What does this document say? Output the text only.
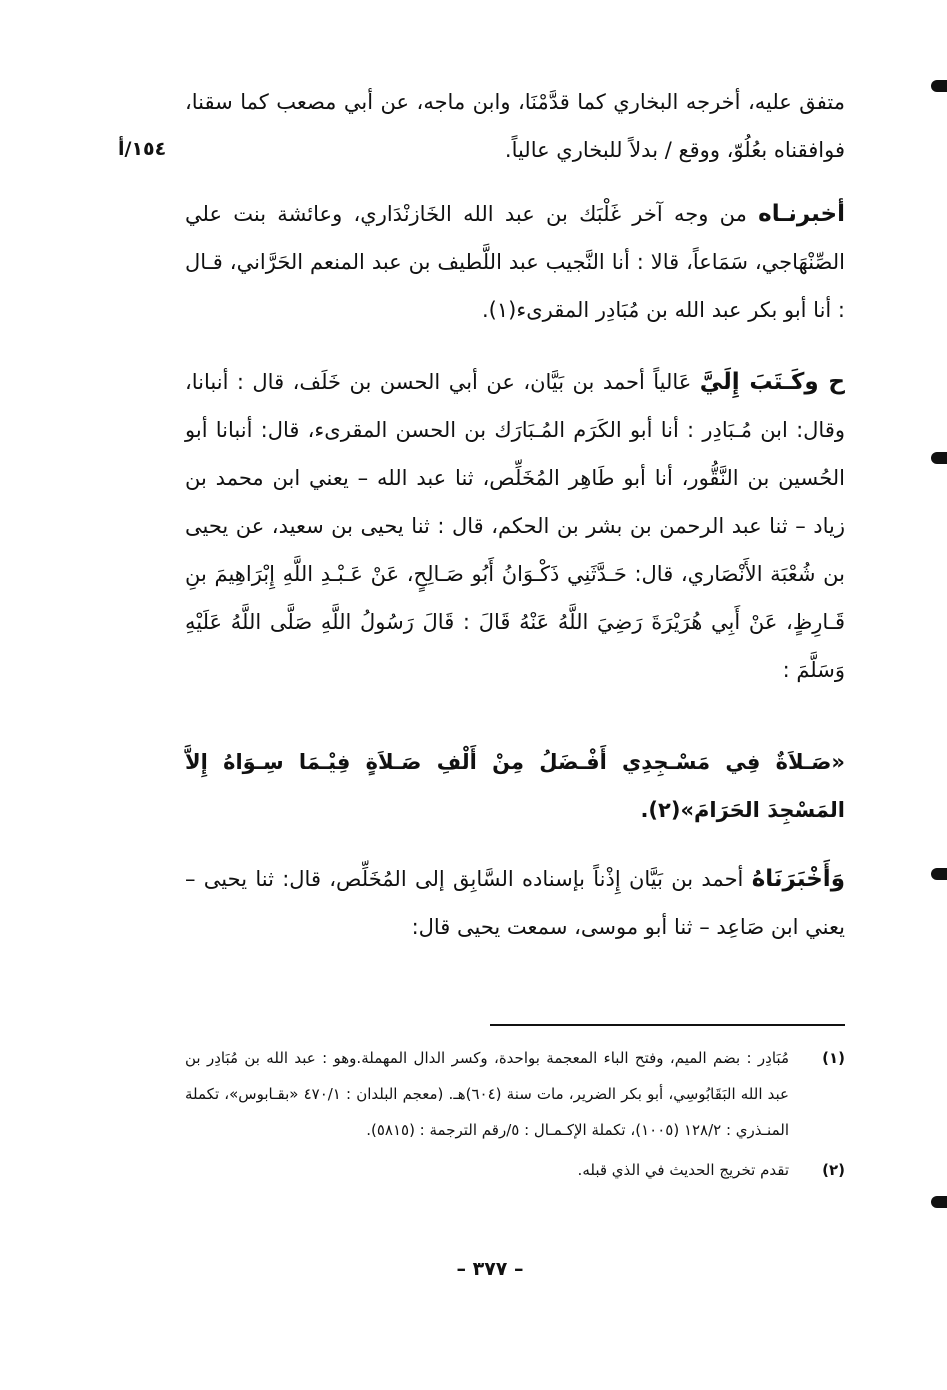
١٥٤/أ

متفق عليه، أخرجه البخاري كما قدَّمْنَا، وابن ماجه، عن أبي مصعب كما سقنا، فوافقناه بعُلُوّ، ووقع / بدلاً للبخاري عالياً.

أخبرنـاه من وجه آخر غَلْبَك بن عبد الله الخَازنْدَاري، وعائشة بنت علي الصِّنْهَاجي، سَمَاعاً، قالا : أنا النَّجيب عبد اللَّطيف بن عبد المنعم الحَرَّاني، قـال : أنا أبو بكر عبد الله بن مُبَادِر المقرىء(١).

ح وكَـتَبَ إِلَيَّ عَالياً أحمد بن بَيَّان، عن أبي الحسن بن خَلَف، قال : أنبانا، وقال: ابن مُـبَادِر : أنا أبو الكَرَم المُـبَارَك بن الحسن المقرىء، قال: أنبانا أبو الحُسين بن النَّقُّور، أنا أبو طَاهِر المُخَلِّص، ثنا عبد الله – يعني ابن محمد بن زياد – ثنا عبد الرحمن بن بشر بن الحكم، قال : ثنا يحيى بن سعيد، عن يحيى بن شُعْبَة الأَنْصَاري، قال: حَـدَّثَنِي ذَكْـوَانُ أَبُو صَـالِحٍ، عَنْ عَـبْـدِ اللَّهِ إِبْرَاهِيمَ بنِ قَـارِظٍ، عَنْ أَبِي هُرَيْرَةَ رَضِيَ اللَّهُ عَنْهُ قَالَ : قَالَ رَسُولُ اللَّهِ صَلَّى اللَّهُ عَلَيْهِ وَسَلَّمَ :

«صَـلاَةٌ فِي مَسْـجِدِي أَفْـضَلُ مِنْ أَلْفِ صَـلاَةٍ فِيْـمَا سِـوَاهُ إِلاَّ المَسْجِدَ الحَرَامَ»(٢).

وَأَخْبَرَنَاهُ أحمد بن بَيَّان إِذْناً بإسناده السَّابِق إلى المُخَلِّص، قال: ثنا يحيى – يعني ابن صَاعِد – ثنا أبو موسى، سمعت يحيى قال:

(١)
مُبَادِر : بضم الميم، وفتح الباء المعجمة بواحدة، وكسر الدال المهملة.وهو : عبد الله بن مُبَادِر بن عبد الله البَقَابُوسِي، أبو بكر الضرير، مات سنة (٦٠٤)هـ. (معجم البلدان : ٤٧٠/١ «بقـابوس»، تكملة المنـذري : ١٢٨/٢ (١٠٠٥)، تكملة الإكـمـال : ٥/رقم الترجمة : (٥٨١٥).
(٢)
تقدم تخريج الحديث في الذي قبله.
– ٣٧٧ –
